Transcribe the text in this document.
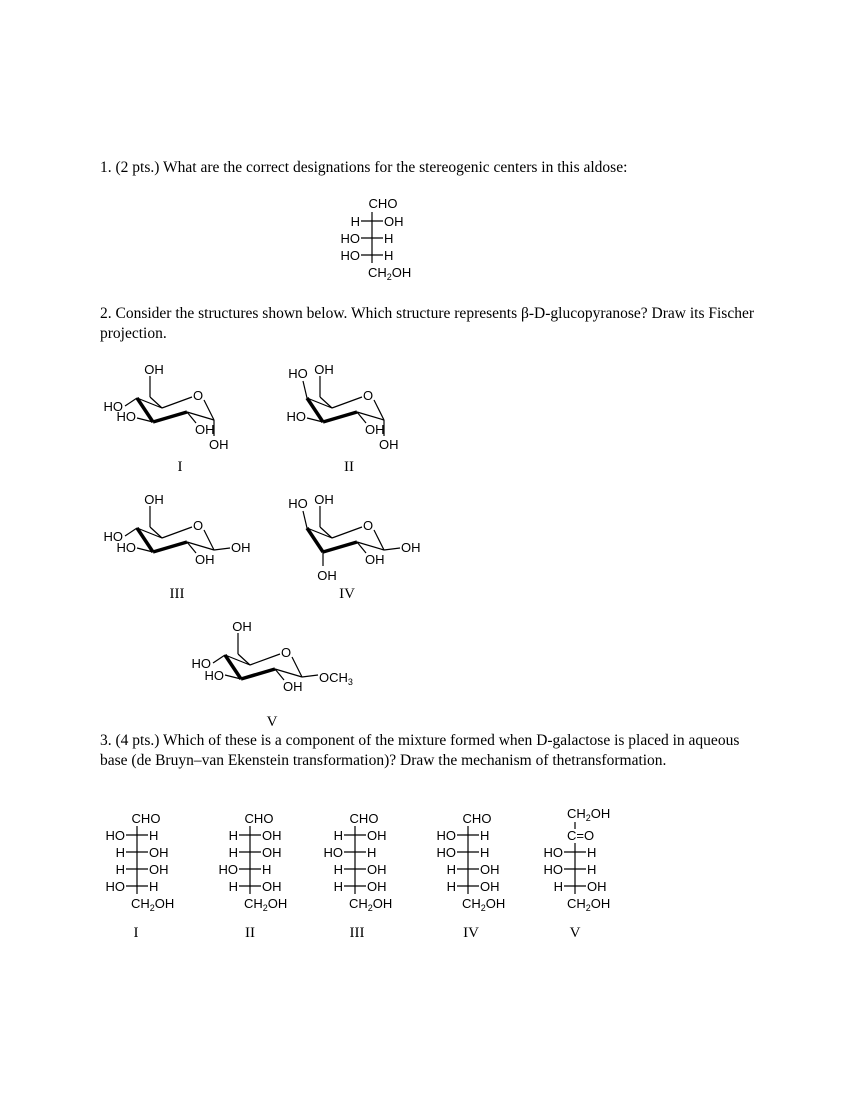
1. (2 pts.) What are the correct designations for the stereogenic centers in this aldose:

2. Consider the structures shown below. Which structure represents β-D-glucopyranose? Draw its Fischer projection.

3. (4 pts.) Which of these is a component of the mixture formed when D-galactose is placed in aqueous base (de Bruyn–van Ekenstein transformation)? Draw the mechanism of thetransformation.

CHO
H OH
HO H
HO H
$CH_2OH$
O
OH
HO
HO
OH
OH
I
O
OH
HO
HO
OH
OH
II
O
OH
HO
HO
OH
OH
III
O
OH
HO
OH
OH
OH
IV
O
OH
HO
HO
OH
$OCH_3$
V
CHO
HO H
H OH
H OH
HO H
$CH_2OH$
I
CHO
H OH
H OH
HO H
H OH
$CH_2OH$
II
CHO
H OH
HO H
H OH
H OH
$CH_2OH$
III
CHO
HO H
HO H
H OH
H OH
$CH_2OH$
IV
$CH_2OH$
C=O
HO H
HO H
H OH
$CH_2OH$
V
